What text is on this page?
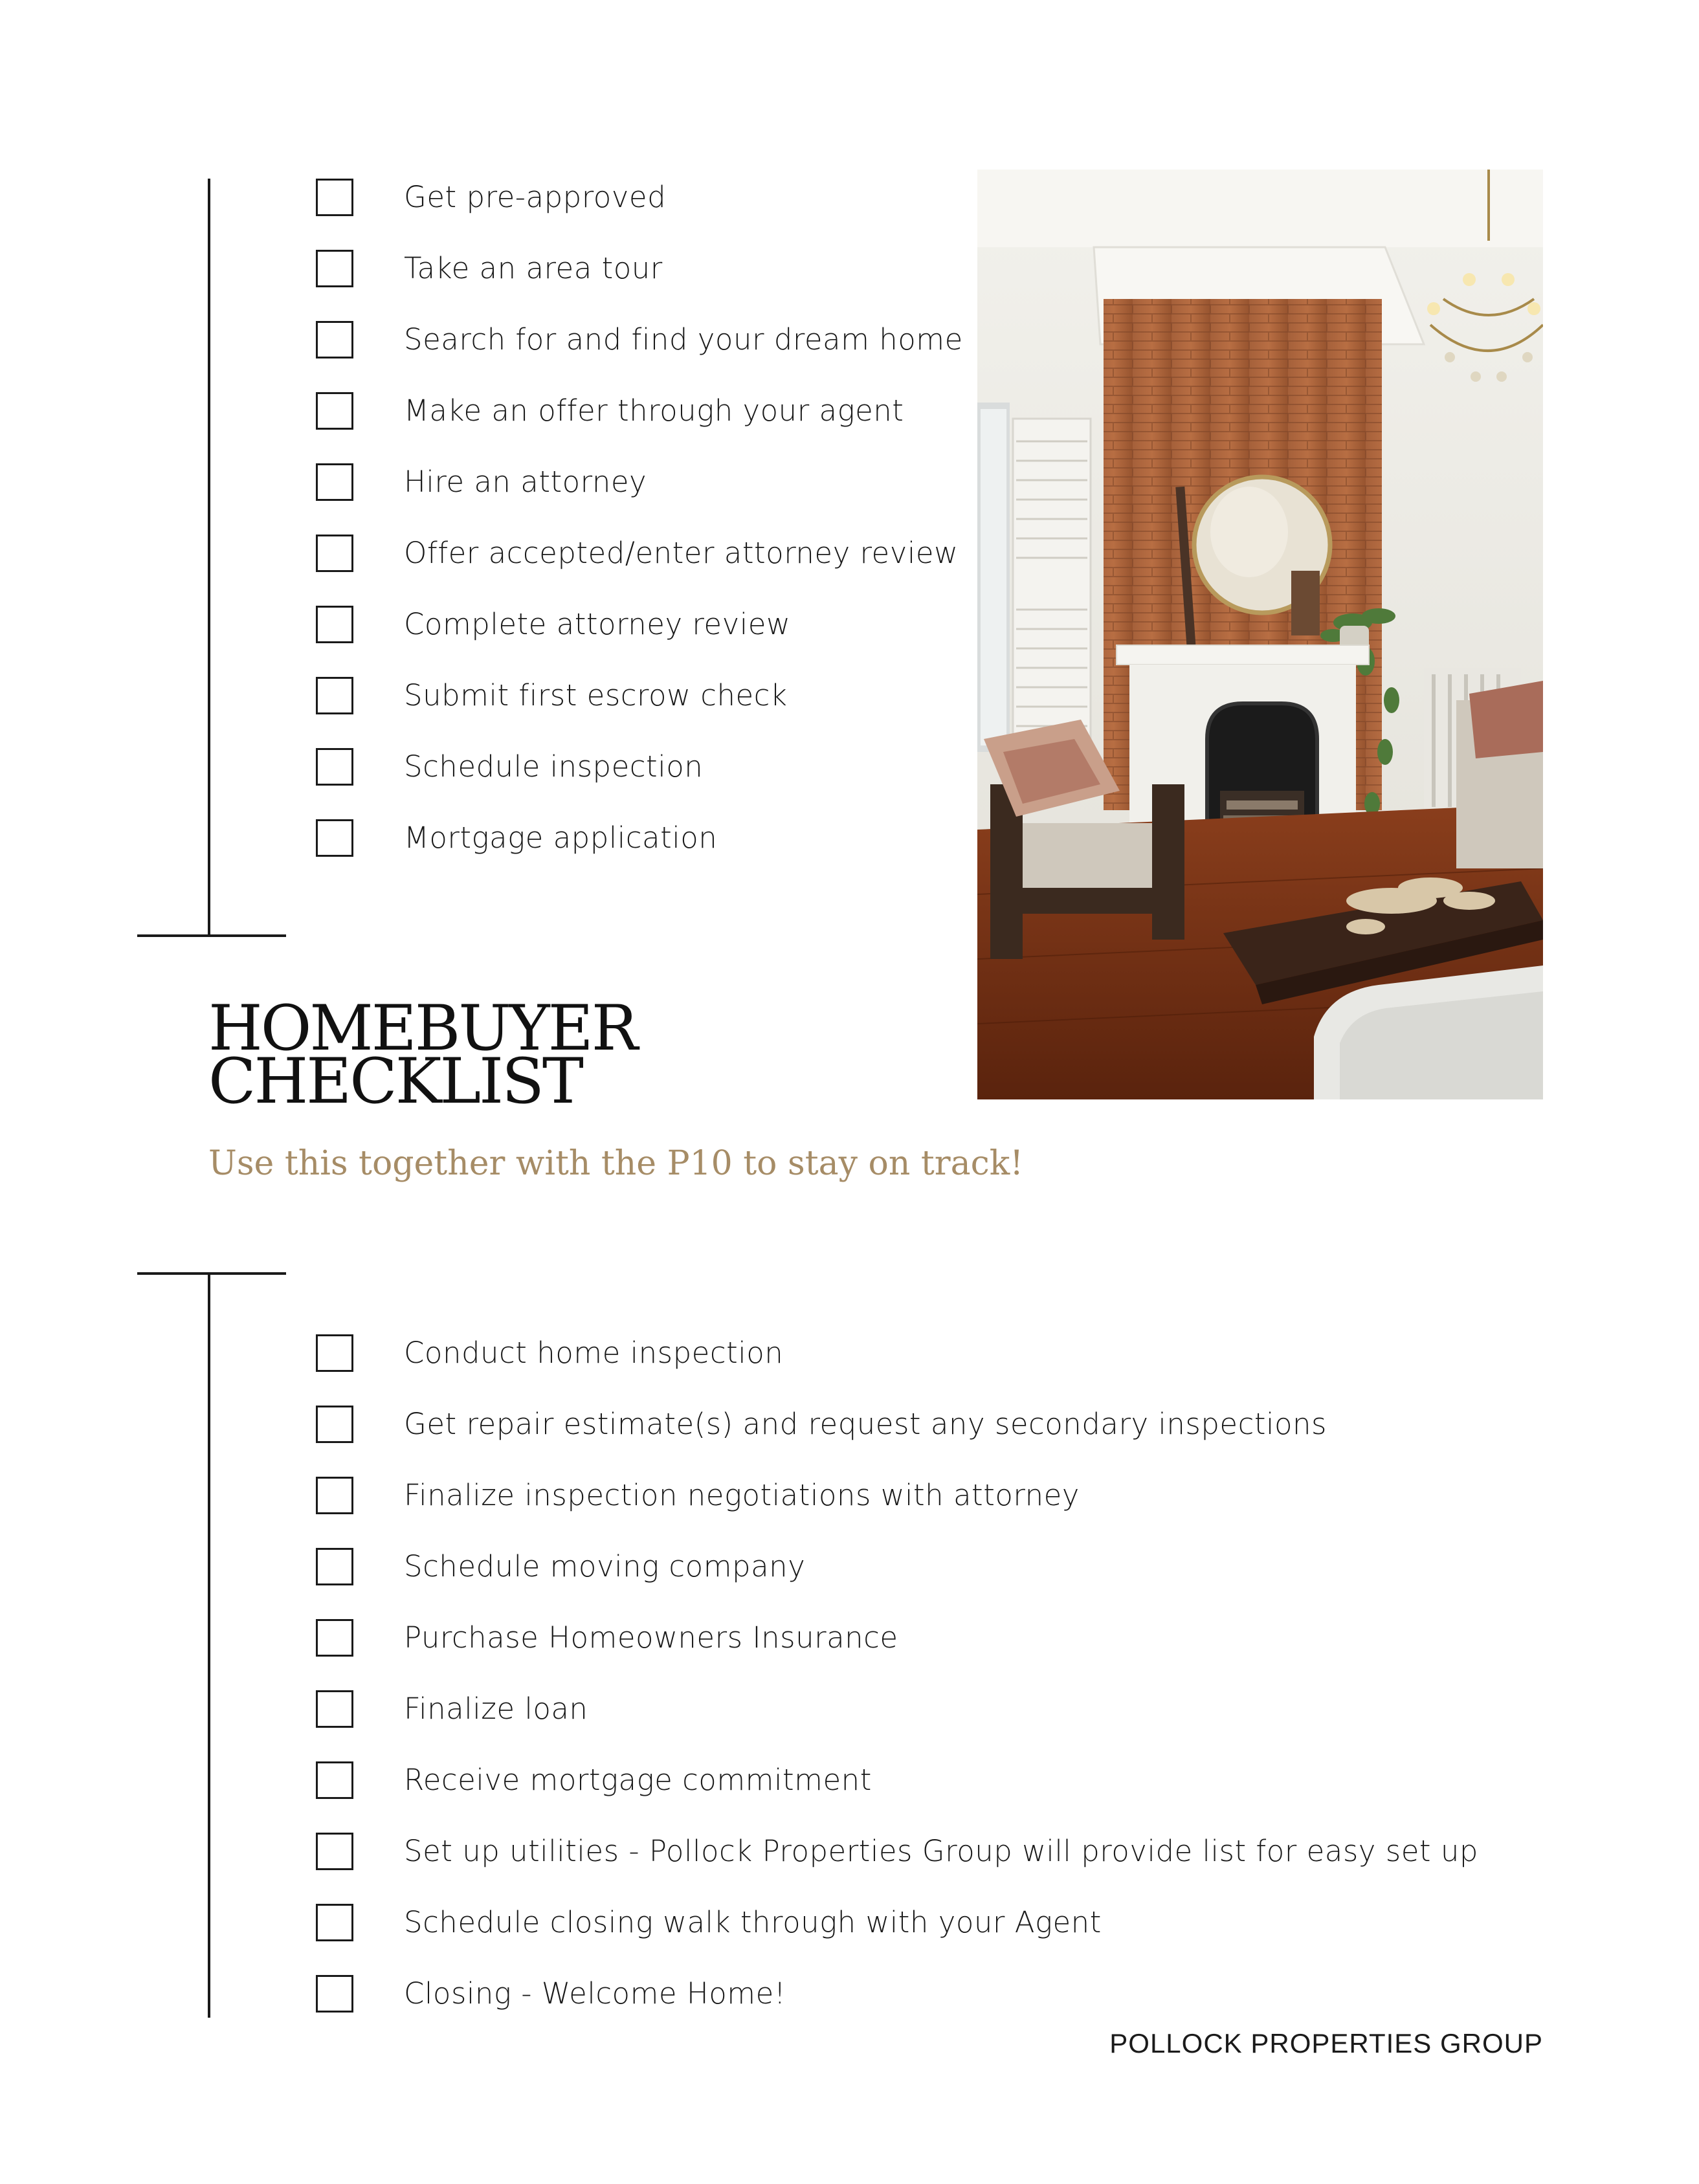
Get pre-approved
Take an area tour
Search for and find your dream home
Make an offer through your agent
Hire an attorney
Offer accepted/enter attorney review
Complete attorney review
Submit first escrow check
Schedule inspection
Mortgage application
HOMEBUYER
CHECKLIST

Use this together with the P10 to stay on track!

Conduct home inspection
Get repair estimate(s) and request any secondary inspections
Finalize inspection negotiations with attorney
Schedule moving company
Purchase Homeowners Insurance
Finalize loan
Receive mortgage commitment
Set up utilities - Pollock Properties Group will provide list for easy set up
Schedule closing walk through with your Agent
Closing - Welcome Home!
POLLOCK PROPERTIES GROUP
